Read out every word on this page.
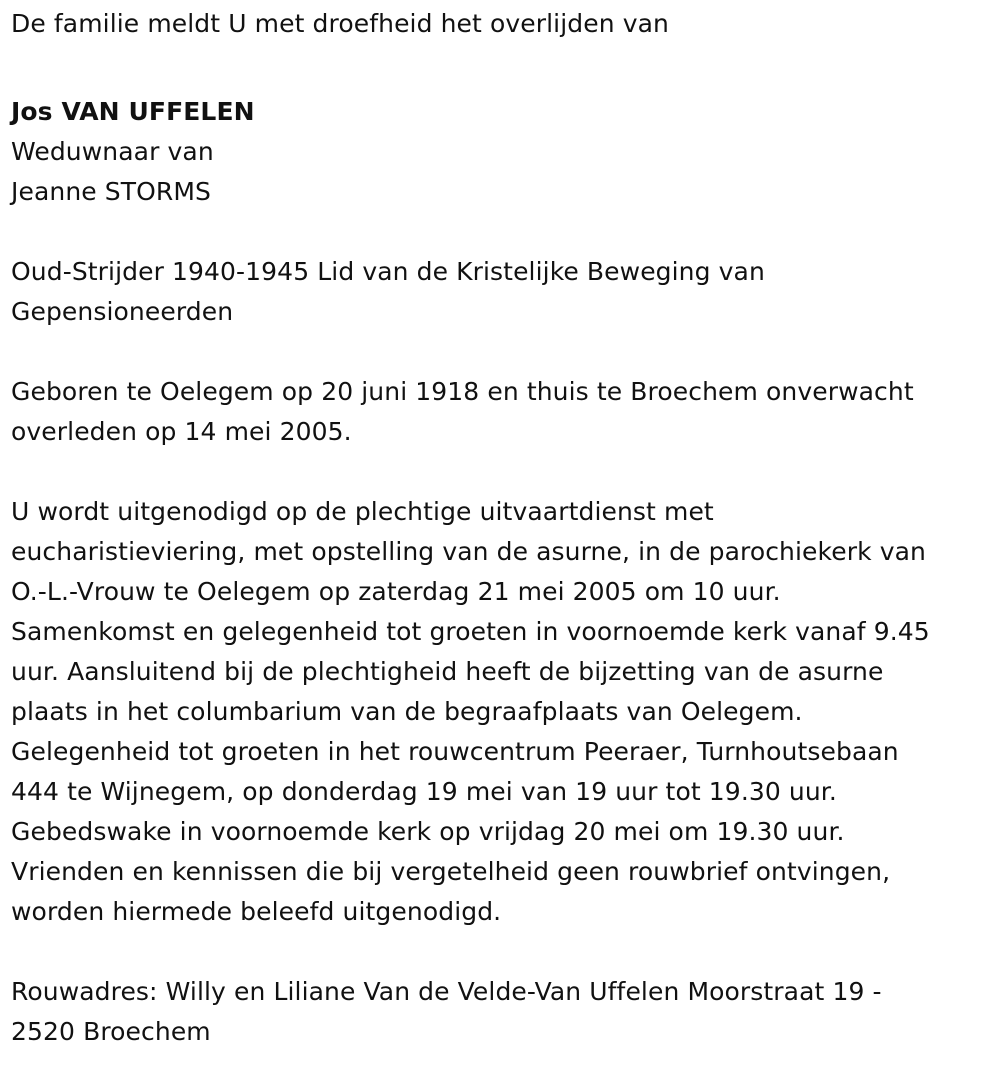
De familie meldt U met droefheid het overlijden van
Jos VAN UFFELEN
Weduwnaar van
Jeanne STORMS
Oud-Strijder 1940-1945 Lid van de Kristelijke Beweging van
Gepensioneerden
Geboren te Oelegem op 20 juni 1918 en thuis te Broechem onverwacht
overleden op 14 mei 2005.
U wordt uitgenodigd op de plechtige uitvaartdienst met
eucharistieviering, met opstelling van de asurne, in de parochiekerk van
O.-L.-Vrouw te Oelegem op zaterdag 21 mei 2005 om 10 uur.
Samenkomst en gelegenheid tot groeten in voornoemde kerk vanaf 9.45
uur. Aansluitend bij de plechtigheid heeft de bijzetting van de asurne
plaats in het columbarium van de begraafplaats van Oelegem.
Gelegenheid tot groeten in het rouwcentrum Peeraer, Turnhoutsebaan
444 te Wijnegem, op donderdag 19 mei van 19 uur tot 19.30 uur.
Gebedswake in voornoemde kerk op vrijdag 20 mei om 19.30 uur.
Vrienden en kennissen die bij vergetelheid geen rouwbrief ontvingen,
worden hiermede beleefd uitgenodigd.
Rouwadres: Willy en Liliane Van de Velde-Van Uffelen Moorstraat 19 -
2520 Broechem
